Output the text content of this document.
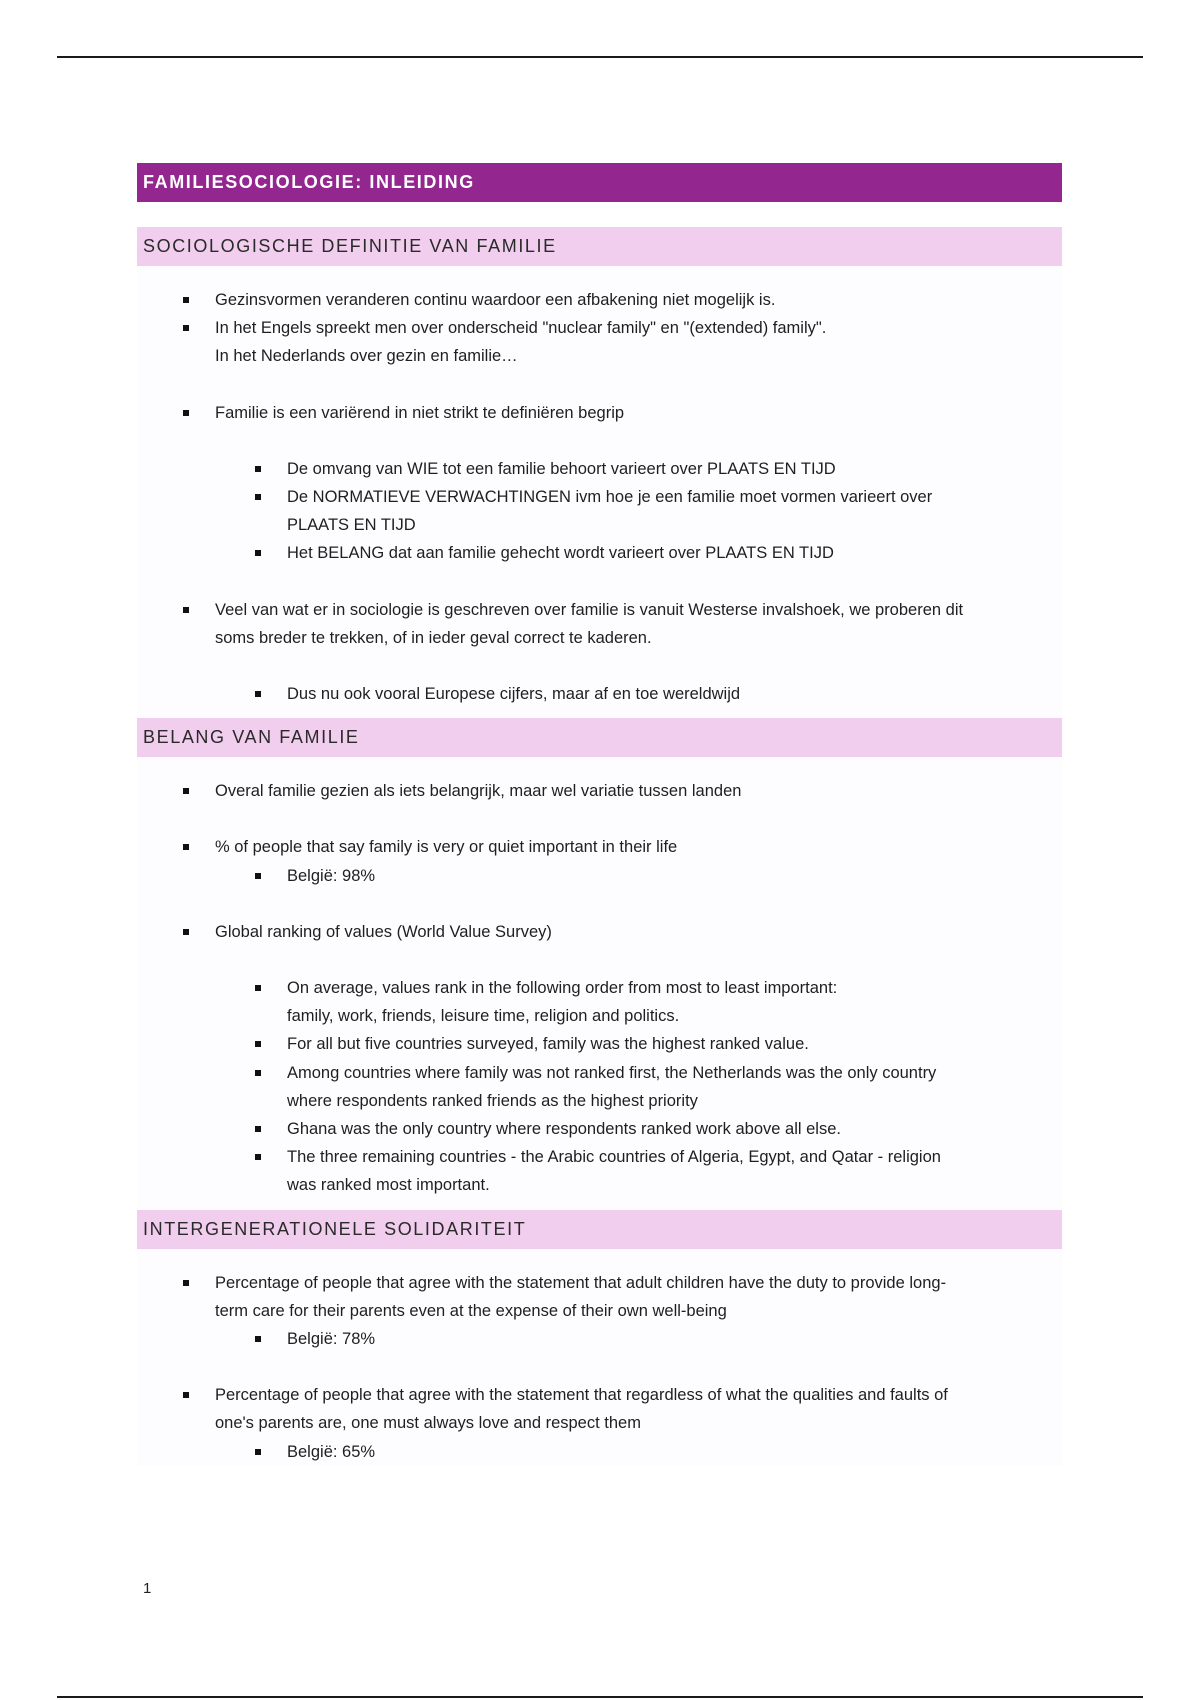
FAMILIESOCIOLOGIE: INLEIDING
SOCIOLOGISCHE DEFINITIE VAN FAMILIE
Gezinsvormen veranderen continu waardoor een afbakening niet mogelijk is.
In het Engels spreekt men over onderscheid "nuclear family" en "(extended) family".
In het Nederlands over gezin en familie…
Familie is een variërend in niet strikt te definiëren begrip
De omvang van WIE tot een familie behoort varieert over PLAATS EN TIJD
De NORMATIEVE VERWACHTINGEN ivm hoe je een familie moet vormen varieert over
PLAATS EN TIJD
Het BELANG dat aan familie gehecht wordt varieert over PLAATS EN TIJD
Veel van wat er in sociologie is geschreven over familie is vanuit Westerse invalshoek, we proberen dit
soms breder te trekken, of in ieder geval correct te kaderen.
Dus nu ook vooral Europese cijfers, maar af en toe wereldwijd
BELANG VAN FAMILIE
Overal familie gezien als iets belangrijk, maar wel variatie tussen landen
% of people that say family is very or quiet important in their life
België: 98%
Global ranking of values (World Value Survey)
On average, values rank in the following order from most to least important:
family, work, friends, leisure time, religion and politics.
For all but five countries surveyed, family was the highest ranked value.
Among countries where family was not ranked first, the Netherlands was the only country
where respondents ranked friends as the highest priority
Ghana was the only country where respondents ranked work above all else.
The three remaining countries - the Arabic countries of Algeria, Egypt, and Qatar - religion
was ranked most important.
INTERGENERATIONELE SOLIDARITEIT
Percentage of people that agree with the statement that adult children have the duty to provide long-
term care for their parents even at the expense of their own well-being
België: 78%
Percentage of people that agree with the statement that regardless of what the qualities and faults of
one's parents are, one must always love and respect them
België: 65%
1
